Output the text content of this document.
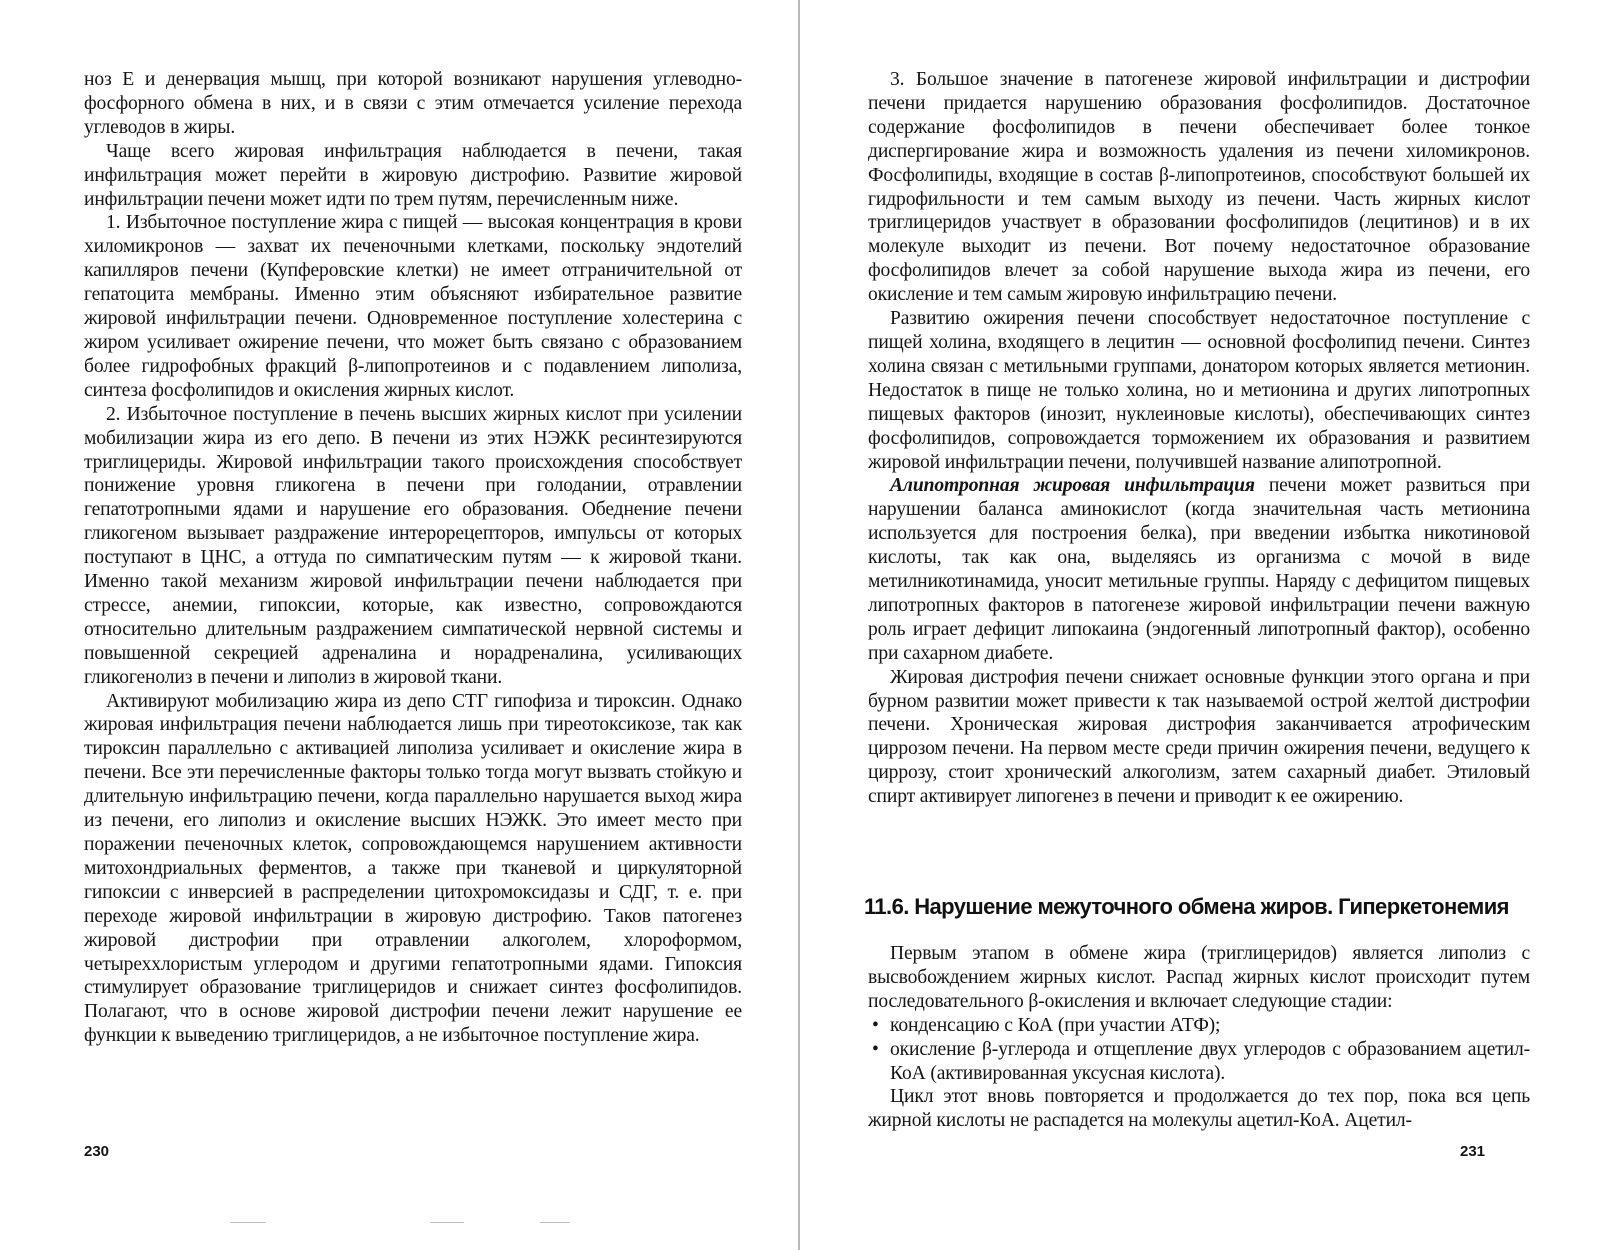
ноз E и денервация мышц, при которой возникают нарушения углеводно-фосфорного обмена в них, и в связи с этим отмечается усиление перехода углеводов в жиры.

Чаще всего жировая инфильтрация наблюдается в печени, такая инфильтрация может перейти в жировую дистрофию. Развитие жировой инфильтрации печени может идти по трем путям, перечисленным ниже.

1. Избыточное поступление жира с пищей — высокая концентрация в крови хиломикронов — захват их печеночными клетками, поскольку эндотелий капилляров печени (Купферовские клетки) не имеет отграничительной от гепатоцита мембраны. Именно этим объясняют избирательное развитие жировой инфильтрации печени. Одновременное поступление холестерина с жиром усиливает ожирение печени, что может быть связано с образованием более гидрофобных фракций β-липопротеинов и с подавлением липолиза, синтеза фосфолипидов и окисления жирных кислот.

2. Избыточное поступление в печень высших жирных кислот при усилении мобилизации жира из его депо. В печени из этих НЭЖК ресинтезируются триглицериды. Жировой инфильтрации такого происхождения способствует понижение уровня гликогена в печени при голодании, отравлении гепатотропными ядами и нарушение его образования. Обеднение печени гликогеном вызывает раздражение интерорецепторов, импульсы от которых поступают в ЦНС, а оттуда по симпатическим путям — к жировой ткани. Именно такой механизм жировой инфильтрации печени наблюдается при стрессе, анемии, гипоксии, которые, как известно, сопровождаются относительно длительным раздражением симпатической нервной системы и повышенной секрецией адреналина и норадреналина, усиливающих гликогенолиз в печени и липолиз в жировой ткани.

Активируют мобилизацию жира из депо СТГ гипофиза и тироксин. Однако жировая инфильтрация печени наблюдается лишь при тиреотоксикозе, так как тироксин параллельно с активацией липолиза усиливает и окисление жира в печени. Все эти перечисленные факторы только тогда могут вызвать стойкую и длительную инфильтрацию печени, когда параллельно нарушается выход жира из печени, его липолиз и окисление высших НЭЖК. Это имеет место при поражении печеночных клеток, сопровождающемся нарушением активности митохондриальных ферментов, а также при тканевой и циркуляторной гипоксии с инверсией в распределении цитохромоксидазы и СДГ, т. е. при переходе жировой инфильтрации в жировую дистрофию. Таков патогенез жировой дистрофии при отравлении алкоголем, хлороформом, четыреххлористым углеродом и другими гепатотропными ядами. Гипоксия стимулирует образование триглицеридов и снижает синтез фосфолипидов. Полагают, что в основе жировой дистрофии печени лежит нарушение ее функции к выведению триглицеридов, а не избыточное поступление жира.

230

3. Большое значение в патогенезе жировой инфильтрации и дистрофии печени придается нарушению образования фосфолипидов. Достаточное содержание фосфолипидов в печени обеспечивает более тонкое диспергирование жира и возможность удаления из печени хиломикронов. Фосфолипиды, входящие в состав β-липопротеинов, способствуют большей их гидрофильности и тем самым выходу из печени. Часть жирных кислот триглицеридов участвует в образовании фосфолипидов (лецитинов) и в их молекуле выходит из печени. Вот почему недостаточное образование фосфолипидов влечет за собой нарушение выхода жира из печени, его окисление и тем самым жировую инфильтрацию печени.

Развитию ожирения печени способствует недостаточное поступление с пищей холина, входящего в лецитин — основной фосфолипид печени. Синтез холина связан с метильными группами, донатором которых является метионин. Недостаток в пище не только холина, но и метионина и других липотропных пищевых факторов (инозит, нуклеиновые кислоты), обеспечивающих синтез фосфолипидов, сопровождается торможением их образования и развитием жировой инфильтрации печени, получившей название алипотропной.

Алипотропная жировая инфильтрация печени может развиться при нарушении баланса аминокислот (когда значительная часть метионина используется для построения белка), при введении избытка никотиновой кислоты, так как она, выделяясь из организма с мочой в виде метилникотинамида, уносит метильные группы. Наряду с дефицитом пищевых липотропных факторов в патогенезе жировой инфильтрации печени важную роль играет дефицит липокаина (эндогенный липотропный фактор), особенно при сахарном диабете.

Жировая дистрофия печени снижает основные функции этого органа и при бурном развитии может привести к так называемой острой желтой дистрофии печени. Хроническая жировая дистрофия заканчивается атрофическим циррозом печени. На первом месте среди причин ожирения печени, ведущего к циррозу, стоит хронический алкоголизм, затем сахарный диабет. Этиловый спирт активирует липогенез в печени и приводит к ее ожирению.

11.6. Нарушение межуточного обмена жиров. Гиперкетонемия

Первым этапом в обмене жира (триглицеридов) является липолиз с высвобождением жирных кислот. Распад жирных кислот происходит путем последовательного β-окисления и включает следующие стадии:

• конденсацию с КоА (при участии АТФ);
• окисление β-углерода и отщепление двух углеродов с образованием ацетил-КоА (активированная уксусная кислота).

Цикл этот вновь повторяется и продолжается до тех пор, пока вся цепь жирной кислоты не распадется на молекулы ацетил-КоА. Ацетил-

231
